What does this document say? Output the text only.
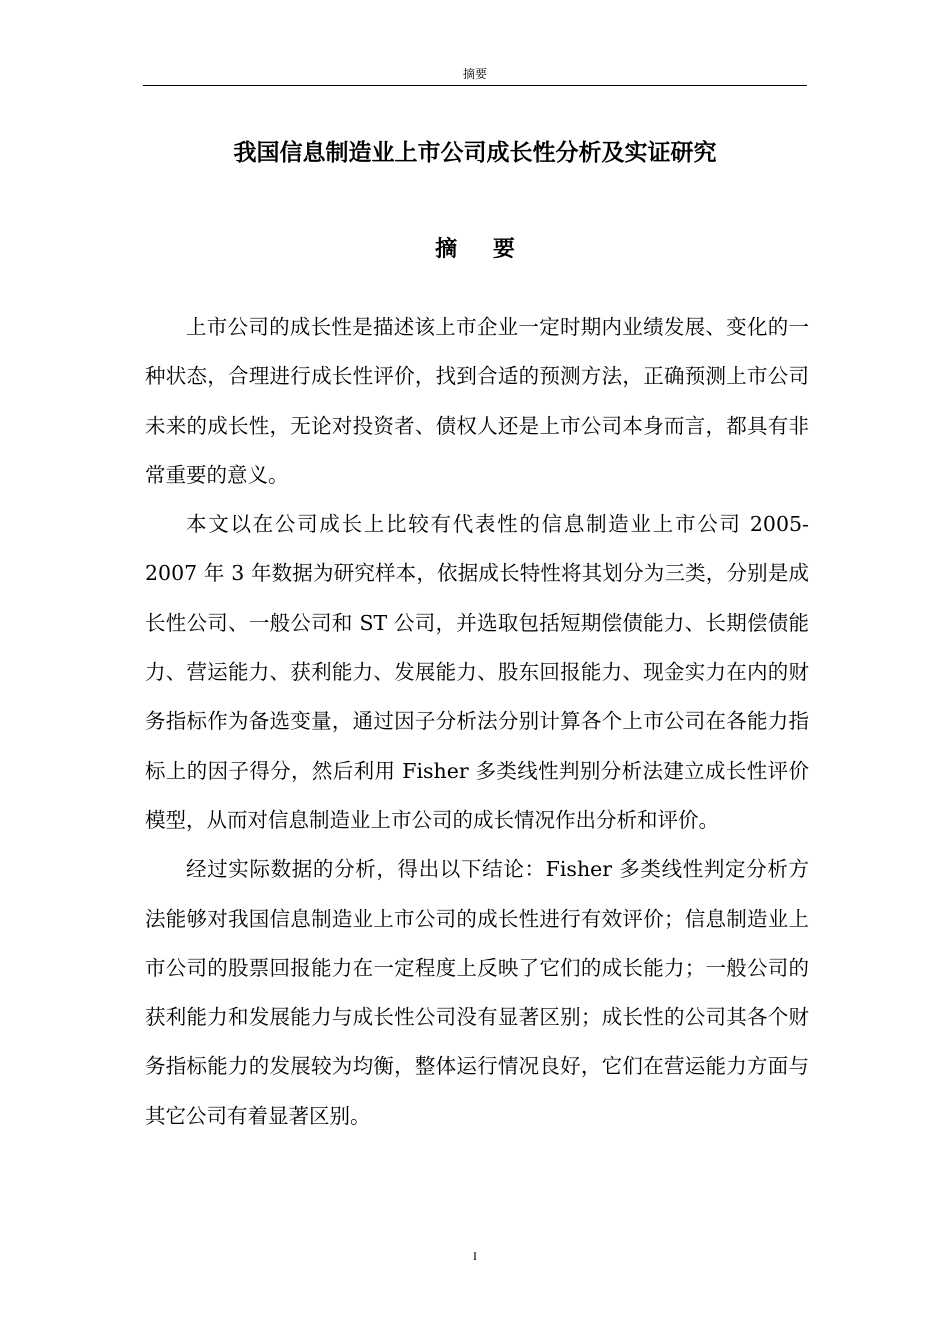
摘要
我国信息制造业上市公司成长性分析及实证研究
摘 要

上市公司的成长性是描述该上市企业一定时期内业绩发展、变化的一种状态，合理进行成长性评价，找到合适的预测方法，正确预测上市公司未来的成长性，无论对投资者、债权人还是上市公司本身而言，都具有非常重要的意义。

本文以在公司成长上比较有代表性的信息制造业上市公司 2005-2007 年 3 年数据为研究样本，依据成长特性将其划分为三类，分别是成长性公司、一般公司和 ST 公司，并选取包括短期偿债能力、长期偿债能力、营运能力、获利能力、发展能力、股东回报能力、现金实力在内的财务指标作为备选变量，通过因子分析法分别计算各个上市公司在各能力指标上的因子得分，然后利用 Fisher 多类线性判别分析法建立成长性评价模型，从而对信息制造业上市公司的成长情况作出分析和评价。

经过实际数据的分析，得出以下结论：Fisher 多类线性判定分析方法能够对我国信息制造业上市公司的成长性进行有效评价；信息制造业上市公司的股票回报能力在一定程度上反映了它们的成长能力；一般公司的获利能力和发展能力与成长性公司没有显著区别；成长性的公司其各个财务指标能力的发展较为均衡，整体运行情况良好，它们在营运能力方面与其它公司有着显著区别。

I
